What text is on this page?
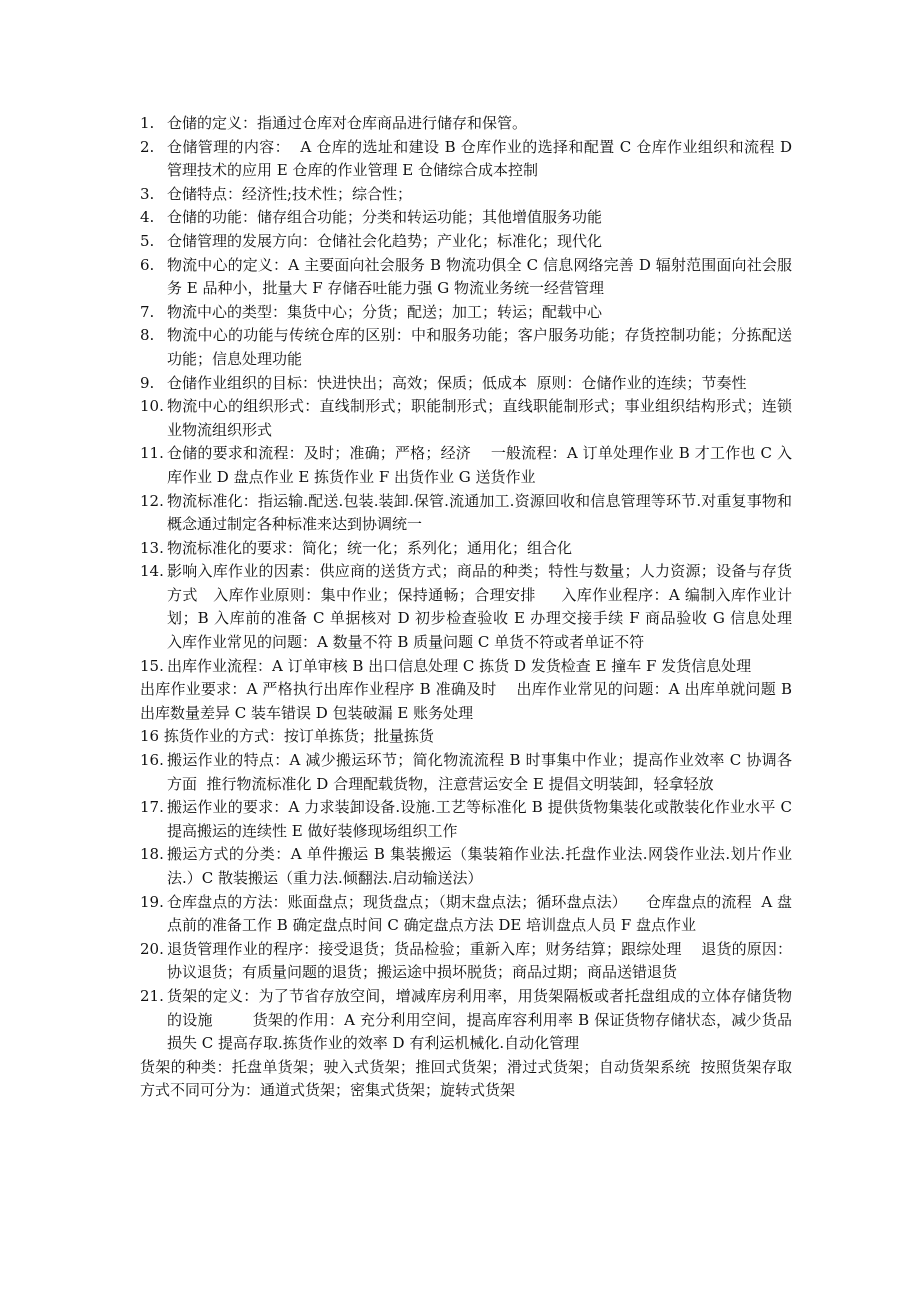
1. 仓储的定义：指通过仓库对仓库商品进行储存和保管。
2. 仓储管理的内容：  A 仓库的选址和建设 B 仓库作业的选择和配置 C 仓库作业组织和流程 D 管理技术的应用 E 仓库的作业管理 E 仓储综合成本控制
3. 仓储特点：经济性;技术性；综合性；
4. 仓储的功能：储存组合功能；分类和转运功能；其他增值服务功能
5. 仓储管理的发展方向：仓储社会化趋势；产业化；标准化；现代化
6. 物流中心的定义：A 主要面向社会服务 B 物流功俱全 C 信息网络完善 D 辐射范围面向社会服务 E 品种小，批量大 F 存储吞吐能力强 G 物流业务统一经营管理
7. 物流中心的类型：集货中心；分货；配送；加工；转运；配载中心
8. 物流中心的功能与传统仓库的区别：中和服务功能；客户服务功能；存货控制功能；分拣配送功能；信息处理功能
9. 仓储作业组织的目标：快进快出；高效；保质；低成本  原则：仓储作业的连续；节奏性
10. 物流中心的组织形式：直线制形式；职能制形式；直线职能制形式；事业组织结构形式；连锁业物流组织形式
11. 仓储的要求和流程：及时；准确；严格；经济    一般流程：A 订单处理作业 B 才工作也 C 入库作业 D 盘点作业 E 拣货作业 F 出货作业 G 送货作业
12. 物流标准化：指运输.配送.包装.装卸.保管.流通加工.资源回收和信息管理等环节.对重复事物和概念通过制定各种标准来达到协调统一
13. 物流标准化的要求：简化；统一化；系列化；通用化；组合化
14. 影响入库作业的因素：供应商的送货方式；商品的种类；特性与数量；人力资源；设备与存货方式   入库作业原则：集中作业；保持通畅；合理安排     入库作业程序：A 编制入库作业计划；B 入库前的准备 C 单据核对 D 初步检查验收 E 办理交接手续 F 商品验收 G 信息处理        入库作业常见的问题：A 数量不符 B 质量问题 C 单货不符或者单证不符
15. 出库作业流程：A 订单审核 B 出口信息处理 C 拣货 D 发货检查 E 撞车 F 发货信息处理
出库作业要求：A 严格执行出库作业程序 B 准确及时    出库作业常见的问题：A 出库单就问题 B 出库数量差异 C 装车错误 D 包装破漏 E 账务处理
16 拣货作业的方式：按订单拣货；批量拣货
16. 搬运作业的特点：A 减少搬运环节；简化物流流程 B 时事集中作业；提高作业效率 C 协调各方面  推行物流标准化 D 合理配载货物，注意营运安全 E 提倡文明装卸，轻拿轻放
17. 搬运作业的要求：A 力求装卸设备.设施.工艺等标准化 B 提供货物集装化或散装化作业水平 C 提高搬运的连续性 E 做好装修现场组织工作
18. 搬运方式的分类：A 单件搬运 B 集装搬运（集装箱作业法.托盘作业法.网袋作业法.划片作业法.）C 散装搬运（重力法.倾翻法.启动输送法）
19. 仓库盘点的方法：账面盘点；现货盘点；（期末盘点法；循环盘点法）    仓库盘点的流程  A 盘点前的准备工作 B 确定盘点时间 C 确定盘点方法 DE 培训盘点人员 F 盘点作业
20. 退货管理作业的程序：接受退货；货品检验；重新入库；财务结算；跟综处理    退货的原因：协议退货；有质量问题的退货；搬运途中损坏脱货；商品过期；商品送错退货
21. 货架的定义：为了节省存放空间，增减库房利用率，用货架隔板或者托盘组成的立体存储货物的设施        货架的作用：A 充分利用空间，提高库容利用率 B 保证货物存储状态，减少货品损失 C 提高存取.拣货作业的效率 D 有利运机械化.自动化管理
货架的种类：托盘单货架；驶入式货架；推回式货架；滑过式货架；自动货架系统  按照货架存取方式不同可分为：通道式货架；密集式货架；旋转式货架
